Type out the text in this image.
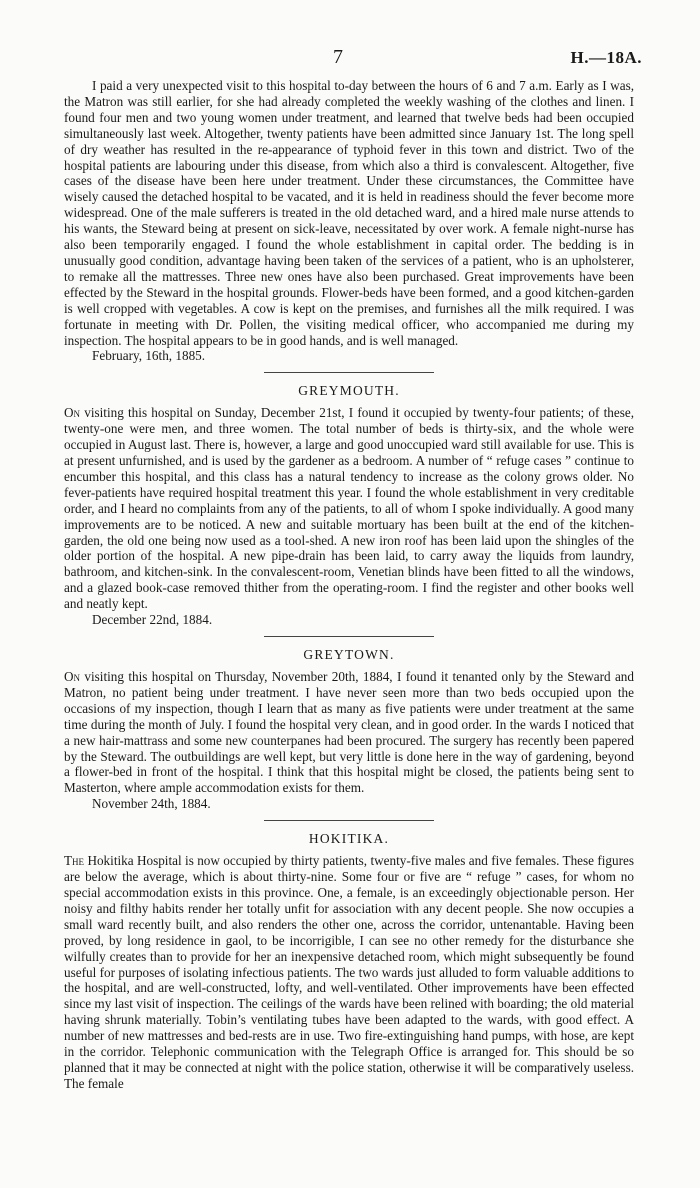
7	H.—18A.

I paid a very unexpected visit to this hospital to-day between the hours of 6 and 7 a.m. Early as I was, the Matron was still earlier, for she had already completed the weekly washing of the clothes and linen. I found four men and two young women under treatment, and learned that twelve beds had been occupied simultaneously last week. Altogether, twenty patients have been admitted since January 1st. The long spell of dry weather has resulted in the re-appearance of typhoid fever in this town and district. Two of the hospital patients are labouring under this disease, from which also a third is convalescent. Altogether, five cases of the disease have been here under treatment. Under these circumstances, the Committee have wisely caused the detached hospital to be vacated, and it is held in readiness should the fever become more widespread. One of the male sufferers is treated in the old detached ward, and a hired male nurse attends to his wants, the Steward being at present on sick-leave, necessitated by over work. A female night-nurse has also been temporarily engaged. I found the whole establishment in capital order. The bedding is in unusually good condition, advantage having been taken of the services of a patient, who is an upholsterer, to remake all the mattresses. Three new ones have also been purchased. Great improvements have been effected by the Steward in the hospital grounds. Flower-beds have been formed, and a good kitchen-garden is well cropped with vegetables. A cow is kept on the premises, and furnishes all the milk required. I was fortunate in meeting with Dr. Pollen, the visiting medical officer, who accompanied me during my inspection. The hospital appears to be in good hands, and is well managed.

February, 16th, 1885.
GREYMOUTH.

On visiting this hospital on Sunday, December 21st, I found it occupied by twenty-four patients; of these, twenty-one were men, and three women. The total number of beds is thirty-six, and the whole were occupied in August last. There is, however, a large and good unoccupied ward still available for use. This is at present unfurnished, and is used by the gardener as a bedroom. A number of “ refuge cases ” continue to encumber this hospital, and this class has a natural tendency to increase as the colony grows older. No fever-patients have required hospital treatment this year. I found the whole establishment in very creditable order, and I heard no complaints from any of the patients, to all of whom I spoke individually. A good many improvements are to be noticed. A new and suitable mortuary has been built at the end of the kitchen-garden, the old one being now used as a tool-shed. A new iron roof has been laid upon the shingles of the older portion of the hospital. A new pipe-drain has been laid, to carry away the liquids from laundry, bathroom, and kitchen-sink. In the convalescent-room, Venetian blinds have been fitted to all the windows, and a glazed book-case removed thither from the operating-room. I find the register and other books well and neatly kept.

December 22nd, 1884.
GREYTOWN.

On visiting this hospital on Thursday, November 20th, 1884, I found it tenanted only by the Steward and Matron, no patient being under treatment. I have never seen more than two beds occupied upon the occasions of my inspection, though I learn that as many as five patients were under treatment at the same time during the month of July. I found the hospital very clean, and in good order. In the wards I noticed that a new hair-mattrass and some new counterpanes had been procured. The surgery has recently been papered by the Steward. The outbuildings are well kept, but very little is done here in the way of gardening, beyond a flower-bed in front of the hospital. I think that this hospital might be closed, the patients being sent to Masterton, where ample accommodation exists for them.

November 24th, 1884.
HOKITIKA.

The Hokitika Hospital is now occupied by thirty patients, twenty-five males and five females. These figures are below the average, which is about thirty-nine. Some four or five are “ refuge ” cases, for whom no special accommodation exists in this province. One, a female, is an exceedingly objectionable person. Her noisy and filthy habits render her totally unfit for association with any decent people. She now occupies a small ward recently built, and also renders the other one, across the corridor, untenantable. Having been proved, by long residence in gaol, to be incorrigible, I can see no other remedy for the disturbance she wilfully creates than to provide for her an inexpensive detached room, which might subsequently be found useful for purposes of isolating infectious patients. The two wards just alluded to form valuable additions to the hospital, and are well-constructed, lofty, and well-ventilated. Other improvements have been effected since my last visit of inspection. The ceilings of the wards have been relined with boarding; the old material having shrunk materially. Tobin’s ventilating tubes have been adapted to the wards, with good effect. A number of new mattresses and bed-rests are in use. Two fire-extinguishing hand pumps, with hose, are kept in the corridor. Telephonic communication with the Telegraph Office is arranged for. This should be so planned that it may be connected at night with the police station, otherwise it will be comparatively useless. The female
